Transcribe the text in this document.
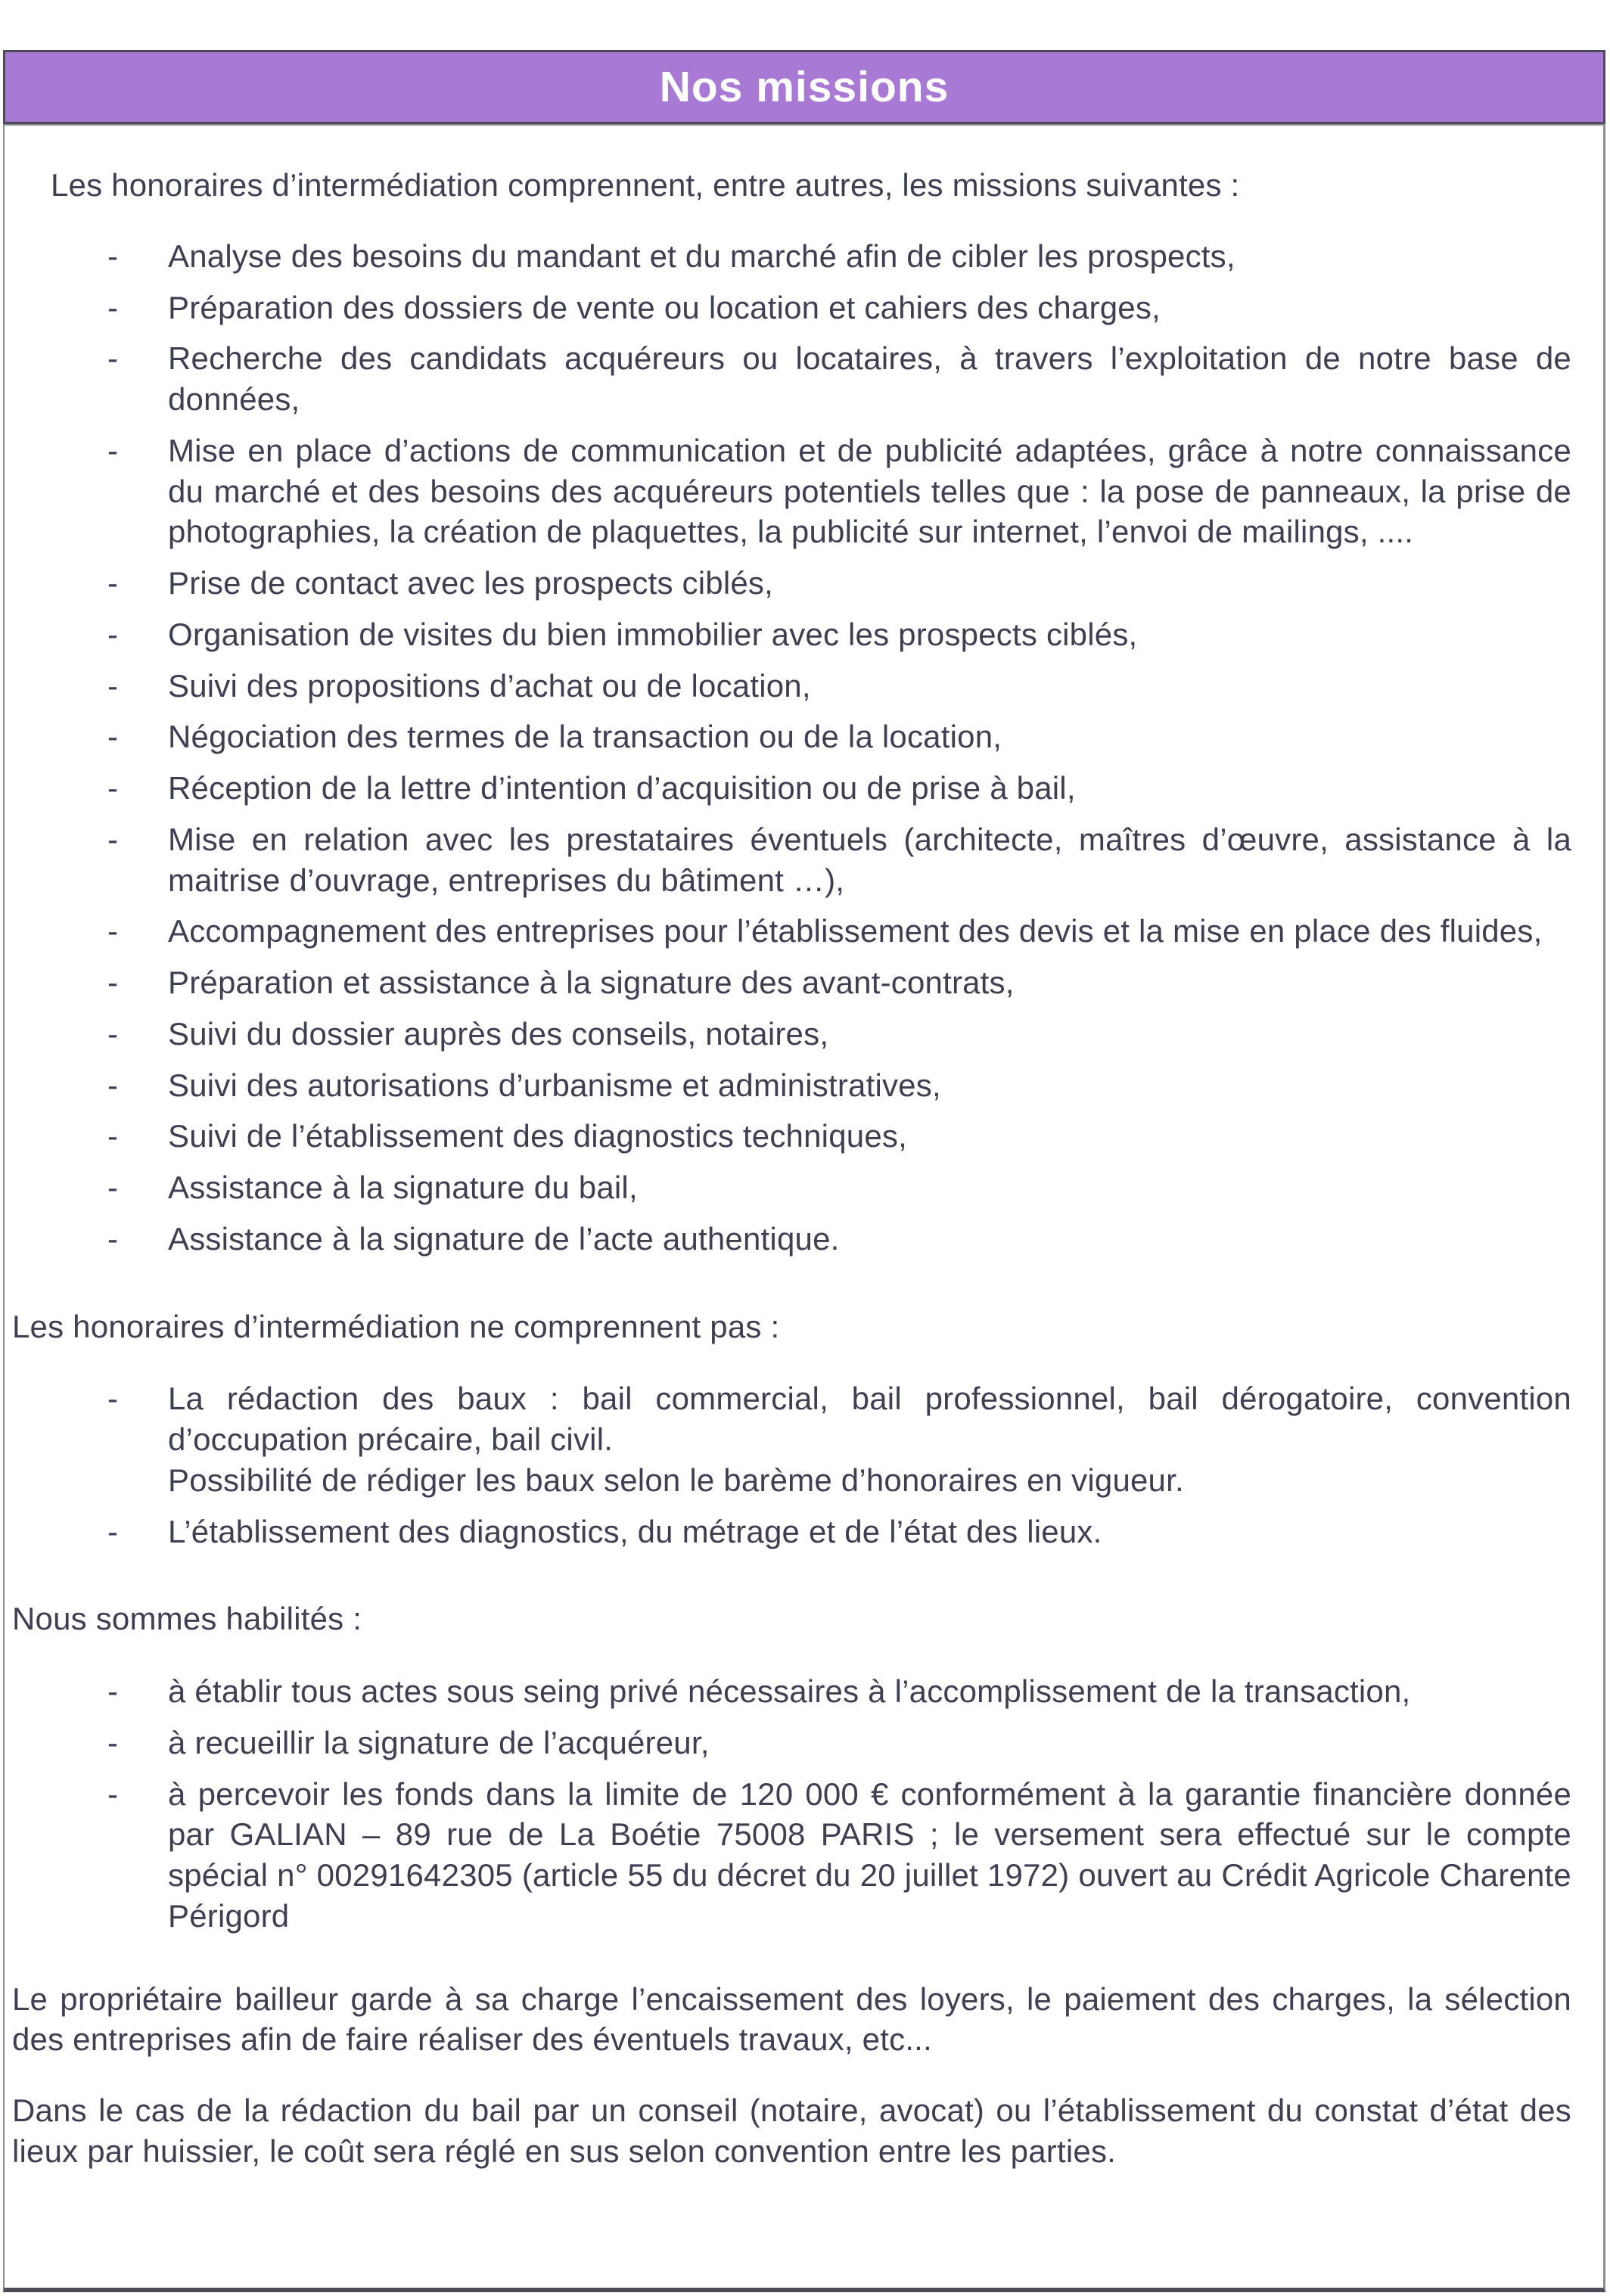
Nos missions

Les honoraires d’intermédiation comprennent, entre autres, les missions suivantes :

-	Analyse des besoins du mandant et du marché afin de cibler les prospects,
-	Préparation des dossiers de vente ou location et cahiers des charges,
-	Recherche des candidats acquéreurs ou locataires, à travers l’exploitation de notre base de données,
-	Mise en place d’actions de communication et de publicité adaptées, grâce à notre connaissance du marché et des besoins des acquéreurs potentiels telles que : la pose de panneaux, la prise de photographies, la création de plaquettes, la publicité sur internet, l’envoi de mailings, ....
-	Prise de contact avec les prospects ciblés,
-	Organisation de visites du bien immobilier avec les prospects ciblés,
-	Suivi des propositions d’achat ou de location,
-	Négociation des termes de la transaction ou de la location,
-	Réception de la lettre d’intention d’acquisition ou de prise à bail,
-	Mise en relation avec les prestataires éventuels (architecte, maîtres d’œuvre, assistance à la maitrise d’ouvrage, entreprises du bâtiment …),
-	Accompagnement des entreprises pour l’établissement des devis et la mise en place des fluides,
-	Préparation et assistance à la signature des avant-contrats,
-	Suivi du dossier auprès des conseils, notaires,
-	Suivi des autorisations d’urbanisme et administratives,
-	Suivi de l’établissement des diagnostics techniques,
-	Assistance à la signature du bail,
-	Assistance à la signature de l’acte authentique.

Les honoraires d’intermédiation ne comprennent pas :

-	La rédaction des baux : bail commercial, bail professionnel, bail dérogatoire, convention d’occupation précaire, bail civil.
Possibilité de rédiger les baux selon le barème d’honoraires en vigueur.
-	L’établissement des diagnostics, du métrage et de l’état des lieux.

Nous sommes habilités :

-	à établir tous actes sous seing privé nécessaires à l’accomplissement de la transaction,
-	à recueillir la signature de l’acquéreur,
-	à percevoir les fonds dans la limite de 120 000 € conformément à la garantie financière donnée par GALIAN – 89 rue de La Boétie 75008 PARIS ; le versement sera effectué sur le compte spécial n° 00291642305 (article 55 du décret du 20 juillet 1972) ouvert au Crédit Agricole Charente Périgord

Le propriétaire bailleur garde à sa charge l’encaissement des loyers, le paiement des charges, la sélection des entreprises afin de faire réaliser des éventuels travaux, etc...

Dans le cas de la rédaction du bail par un conseil (notaire, avocat) ou l’établissement du constat d’état des lieux par huissier, le coût sera réglé en sus selon convention entre les parties.
